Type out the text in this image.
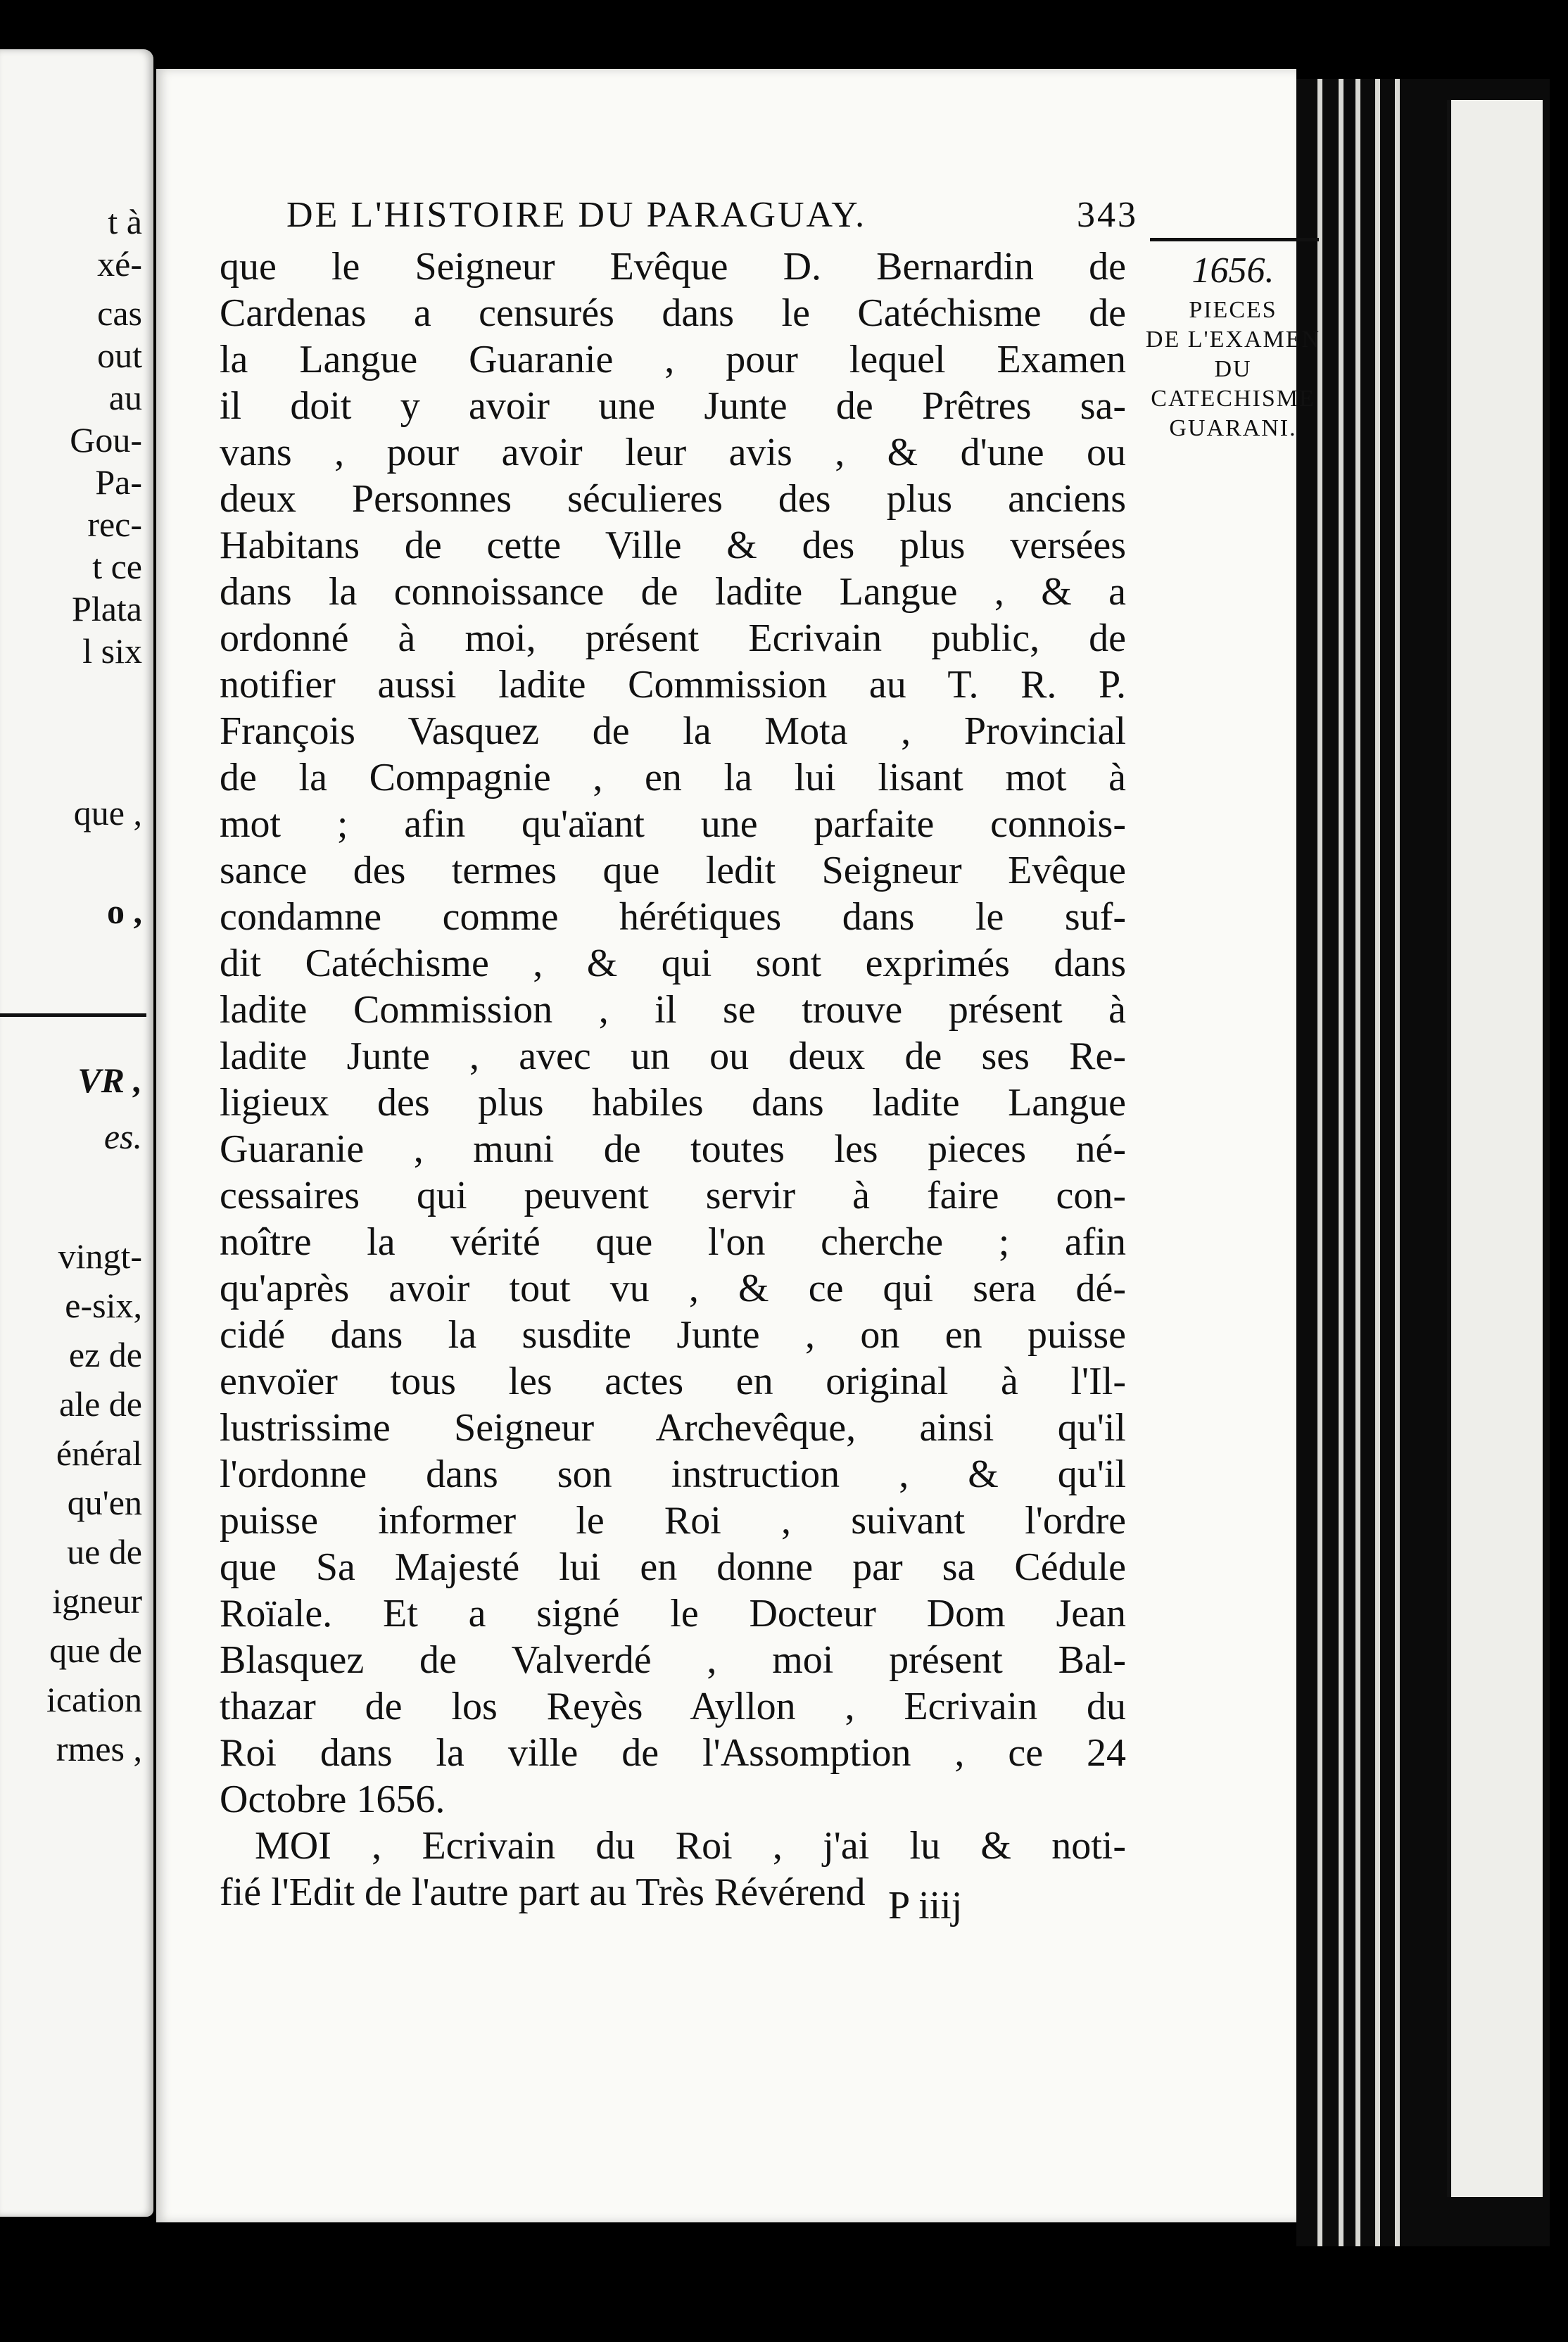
t à
xé-
cas
out
au
Gou-
Pa-
rec-
t ce
Plata
l six
que ,
o ,
VR ,
es.
vingt-
e-six,
ez de
ale de
énéral
qu'en
ue de
igneur
que de
ication
rmes ,
DE L'HISTOIRE DU PARAGUAY.	343
1656.
PIECES
DE L'EXAMEN
DU
CATECHISME
GUARANI.
que le Seigneur Evêque D. Bernardin de
Cardenas a censurés dans le Catéchisme de
la Langue Guaranie , pour lequel Examen
il doit y avoir une Junte de Prêtres sa-
vans , pour avoir leur avis , & d'une ou
deux Personnes séculieres des plus anciens
Habitans de cette Ville & des plus versées
dans la connoissance de ladite Langue , & a
ordonné à moi, présent Ecrivain public, de
notifier aussi ladite Commission au T. R. P.
François Vasquez de la Mota , Provincial
de la Compagnie , en la lui lisant mot à
mot ; afin qu'aïant une parfaite connois-
sance des termes que ledit Seigneur Evêque
condamne comme hérétiques dans le suf-
dit Catéchisme , & qui sont exprimés dans
ladite Commission , il se trouve présent à
ladite Junte , avec un ou deux de ses Re-
ligieux des plus habiles dans ladite Langue
Guaranie , muni de toutes les pieces né-
cessaires qui peuvent servir à faire con-
noître la vérité que l'on cherche ; afin
qu'après avoir tout vu , & ce qui sera dé-
cidé dans la susdite Junte , on en puisse
envoïer tous les actes en original à l'Il-
lustrissime Seigneur Archevêque, ainsi qu'il
l'ordonne dans son instruction , & qu'il
puisse informer le Roi , suivant l'ordre
que Sa Majesté lui en donne par sa Cédule
Roïale. Et a signé le Docteur Dom Jean
Blasquez de Valverdé , moi présent Bal-
thazar de los Reyès Ayllon , Ecrivain du
Roi dans la ville de l'Assomption , ce 24
Octobre 1656.
MOI , Ecrivain du Roi , j'ai lu & noti-
fié l'Edit de l'autre part au Très Révérend P iiij
